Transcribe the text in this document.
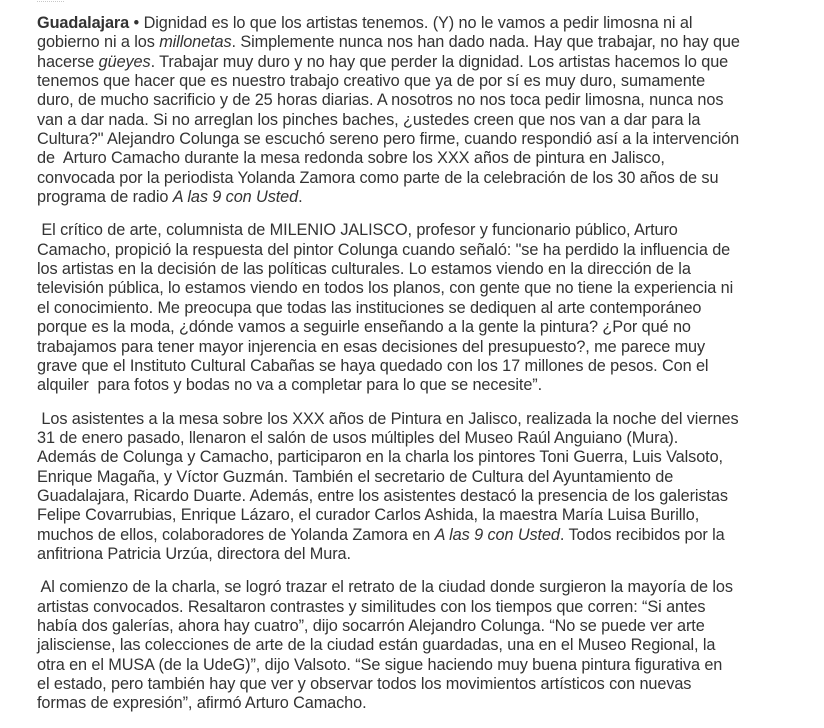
Guadalajara • Dignidad es lo que los artistas tenemos. (Y) no le vamos a pedir limosna ni al
gobierno ni a los millonetas. Simplemente nunca nos han dado nada. Hay que trabajar, no hay que
hacerse güeyes. Trabajar muy duro y no hay que perder la dignidad. Los artistas hacemos lo que
tenemos que hacer que es nuestro trabajo creativo que ya de por sí es muy duro, sumamente
duro, de mucho sacrificio y de 25 horas diarias. A nosotros no nos toca pedir limosna, nunca nos
van a dar nada. Si no arreglan los pinches baches, ¿ustedes creen que nos van a dar para la
Cultura?" Alejandro Colunga se escuchó sereno pero firme, cuando respondió así a la intervención
de  Arturo Camacho durante la mesa redonda sobre los XXX años de pintura en Jalisco,
convocada por la periodista Yolanda Zamora como parte de la celebración de los 30 años de su
programa de radio A las 9 con Usted.

El crítico de arte, columnista de MILENIO JALISCO, profesor y funcionario público, Arturo
Camacho, propició la respuesta del pintor Colunga cuando señaló: "se ha perdido la influencia de
los artistas en la decisión de las políticas culturales. Lo estamos viendo en la dirección de la
televisión pública, lo estamos viendo en todos los planos, con gente que no tiene la experiencia ni
el conocimiento. Me preocupa que todas las instituciones se dediquen al arte contemporáneo
porque es la moda, ¿dónde vamos a seguirle enseñando a la gente la pintura? ¿Por qué no
trabajamos para tener mayor injerencia en esas decisiones del presupuesto?, me parece muy
grave que el Instituto Cultural Cabañas se haya quedado con los 17 millones de pesos. Con el
alquiler  para fotos y bodas no va a completar para lo que se necesite”.

Los asistentes a la mesa sobre los XXX años de Pintura en Jalisco, realizada la noche del viernes
31 de enero pasado, llenaron el salón de usos múltiples del Museo Raúl Anguiano (Mura).
Además de Colunga y Camacho, participaron en la charla los pintores Toni Guerra, Luis Valsoto,
Enrique Magaña, y Víctor Guzmán. También el secretario de Cultura del Ayuntamiento de
Guadalajara, Ricardo Duarte. Además, entre los asistentes destacó la presencia de los galeristas
Felipe Covarrubias, Enrique Lázaro, el curador Carlos Ashida, la maestra María Luisa Burillo,
muchos de ellos, colaboradores de Yolanda Zamora en A las 9 con Usted. Todos recibidos por la
anfitriona Patricia Urzúa, directora del Mura.

Al comienzo de la charla, se logró trazar el retrato de la ciudad donde surgieron la mayoría de los
artistas convocados. Resaltaron contrastes y similitudes con los tiempos que corren: “Si antes
había dos galerías, ahora hay cuatro”, dijo socarrón Alejandro Colunga. “No se puede ver arte
jalisciense, las colecciones de arte de la ciudad están guardadas, una en el Museo Regional, la
otra en el MUSA (de la UdeG)”, dijo Valsoto. “Se sigue haciendo muy buena pintura figurativa en
el estado, pero también hay que ver y observar todos los movimientos artísticos con nuevas
formas de expresión”, afirmó Arturo Camacho.
